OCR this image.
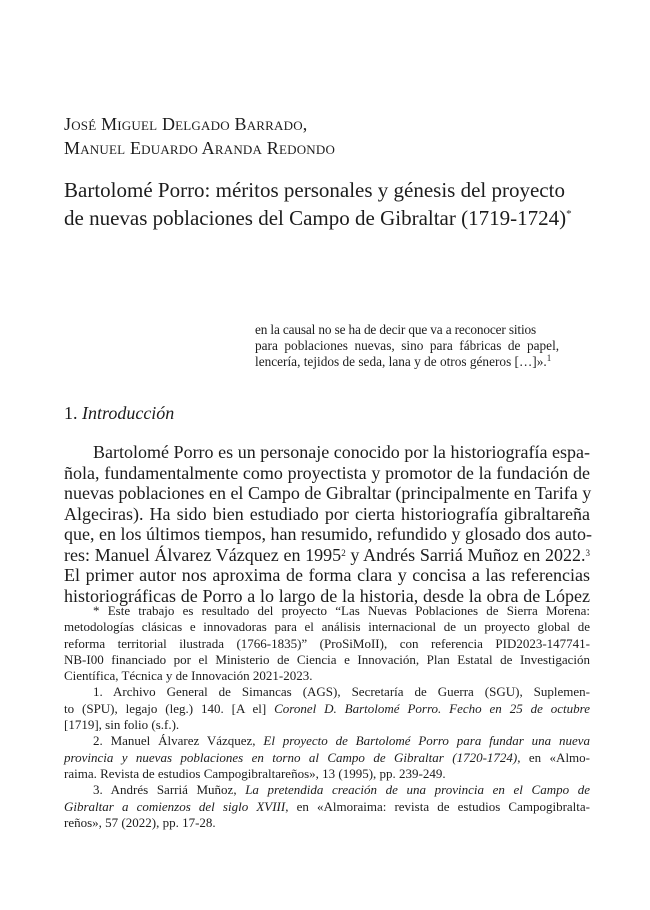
José Miguel Delgado Barrado,
Manuel Eduardo Aranda Redondo
Bartolomé Porro: méritos personales y génesis del proyecto
de nuevas poblaciones del Campo de Gibraltar (1719-1724)*
en la causal no se ha de decir que va a reconocer sitios
para poblaciones nuevas, sino para fábricas de papel,
lencería, tejidos de seda, lana y de otros géneros […]».$^1$
1. Introducción
Bartolomé Porro es un personaje conocido por la historiografía espa-
ñola, fundamentalmente como proyectista y promotor de la fundación de
nuevas poblaciones en el Campo de Gibraltar (principalmente en Tarifa y
Algeciras). Ha sido bien estudiado por cierta historiografía gibraltareña
que, en los últimos tiempos, han resumido, refundido y glosado dos auto-
res: Manuel Álvarez Vázquez en 1995$^2$ y Andrés Sarriá Muñoz en 2022.$^3$
El primer autor nos aproxima de forma clara y concisa a las referencias
historiográficas de Porro a lo largo de la historia, desde la obra de López
* Este trabajo es resultado del proyecto “Las Nuevas Poblaciones de Sierra Morena:
metodologías clásicas e innovadoras para el análisis internacional de un proyecto global de
reforma territorial ilustrada (1766-1835)” (ProSiMoII), con referencia PID2023-147741-
NB-I00 financiado por el Ministerio de Ciencia e Innovación, Plan Estatal de Investigación
Científica, Técnica y de Innovación 2021-2023.
1. Archivo General de Simancas (AGS), Secretaría de Guerra (SGU), Suplemen-
to (SPU), legajo (leg.) 140. [A el] Coronel D. Bartolomé Porro. Fecho en 25 de octubre
[1719], sin folio (s.f.).
2. Manuel Álvarez Vázquez, El proyecto de Bartolomé Porro para fundar una nueva
provincia y nuevas poblaciones en torno al Campo de Gibraltar (1720-1724), en «Almo-
raima. Revista de estudios Campogibraltareños», 13 (1995), pp. 239-249.
3. Andrés Sarriá Muñoz, La pretendida creación de una provincia en el Campo de
Gibraltar a comienzos del siglo XVIII, en «Almoraima: revista de estudios Campogibralta-
reños», 57 (2022), pp. 17-28.
